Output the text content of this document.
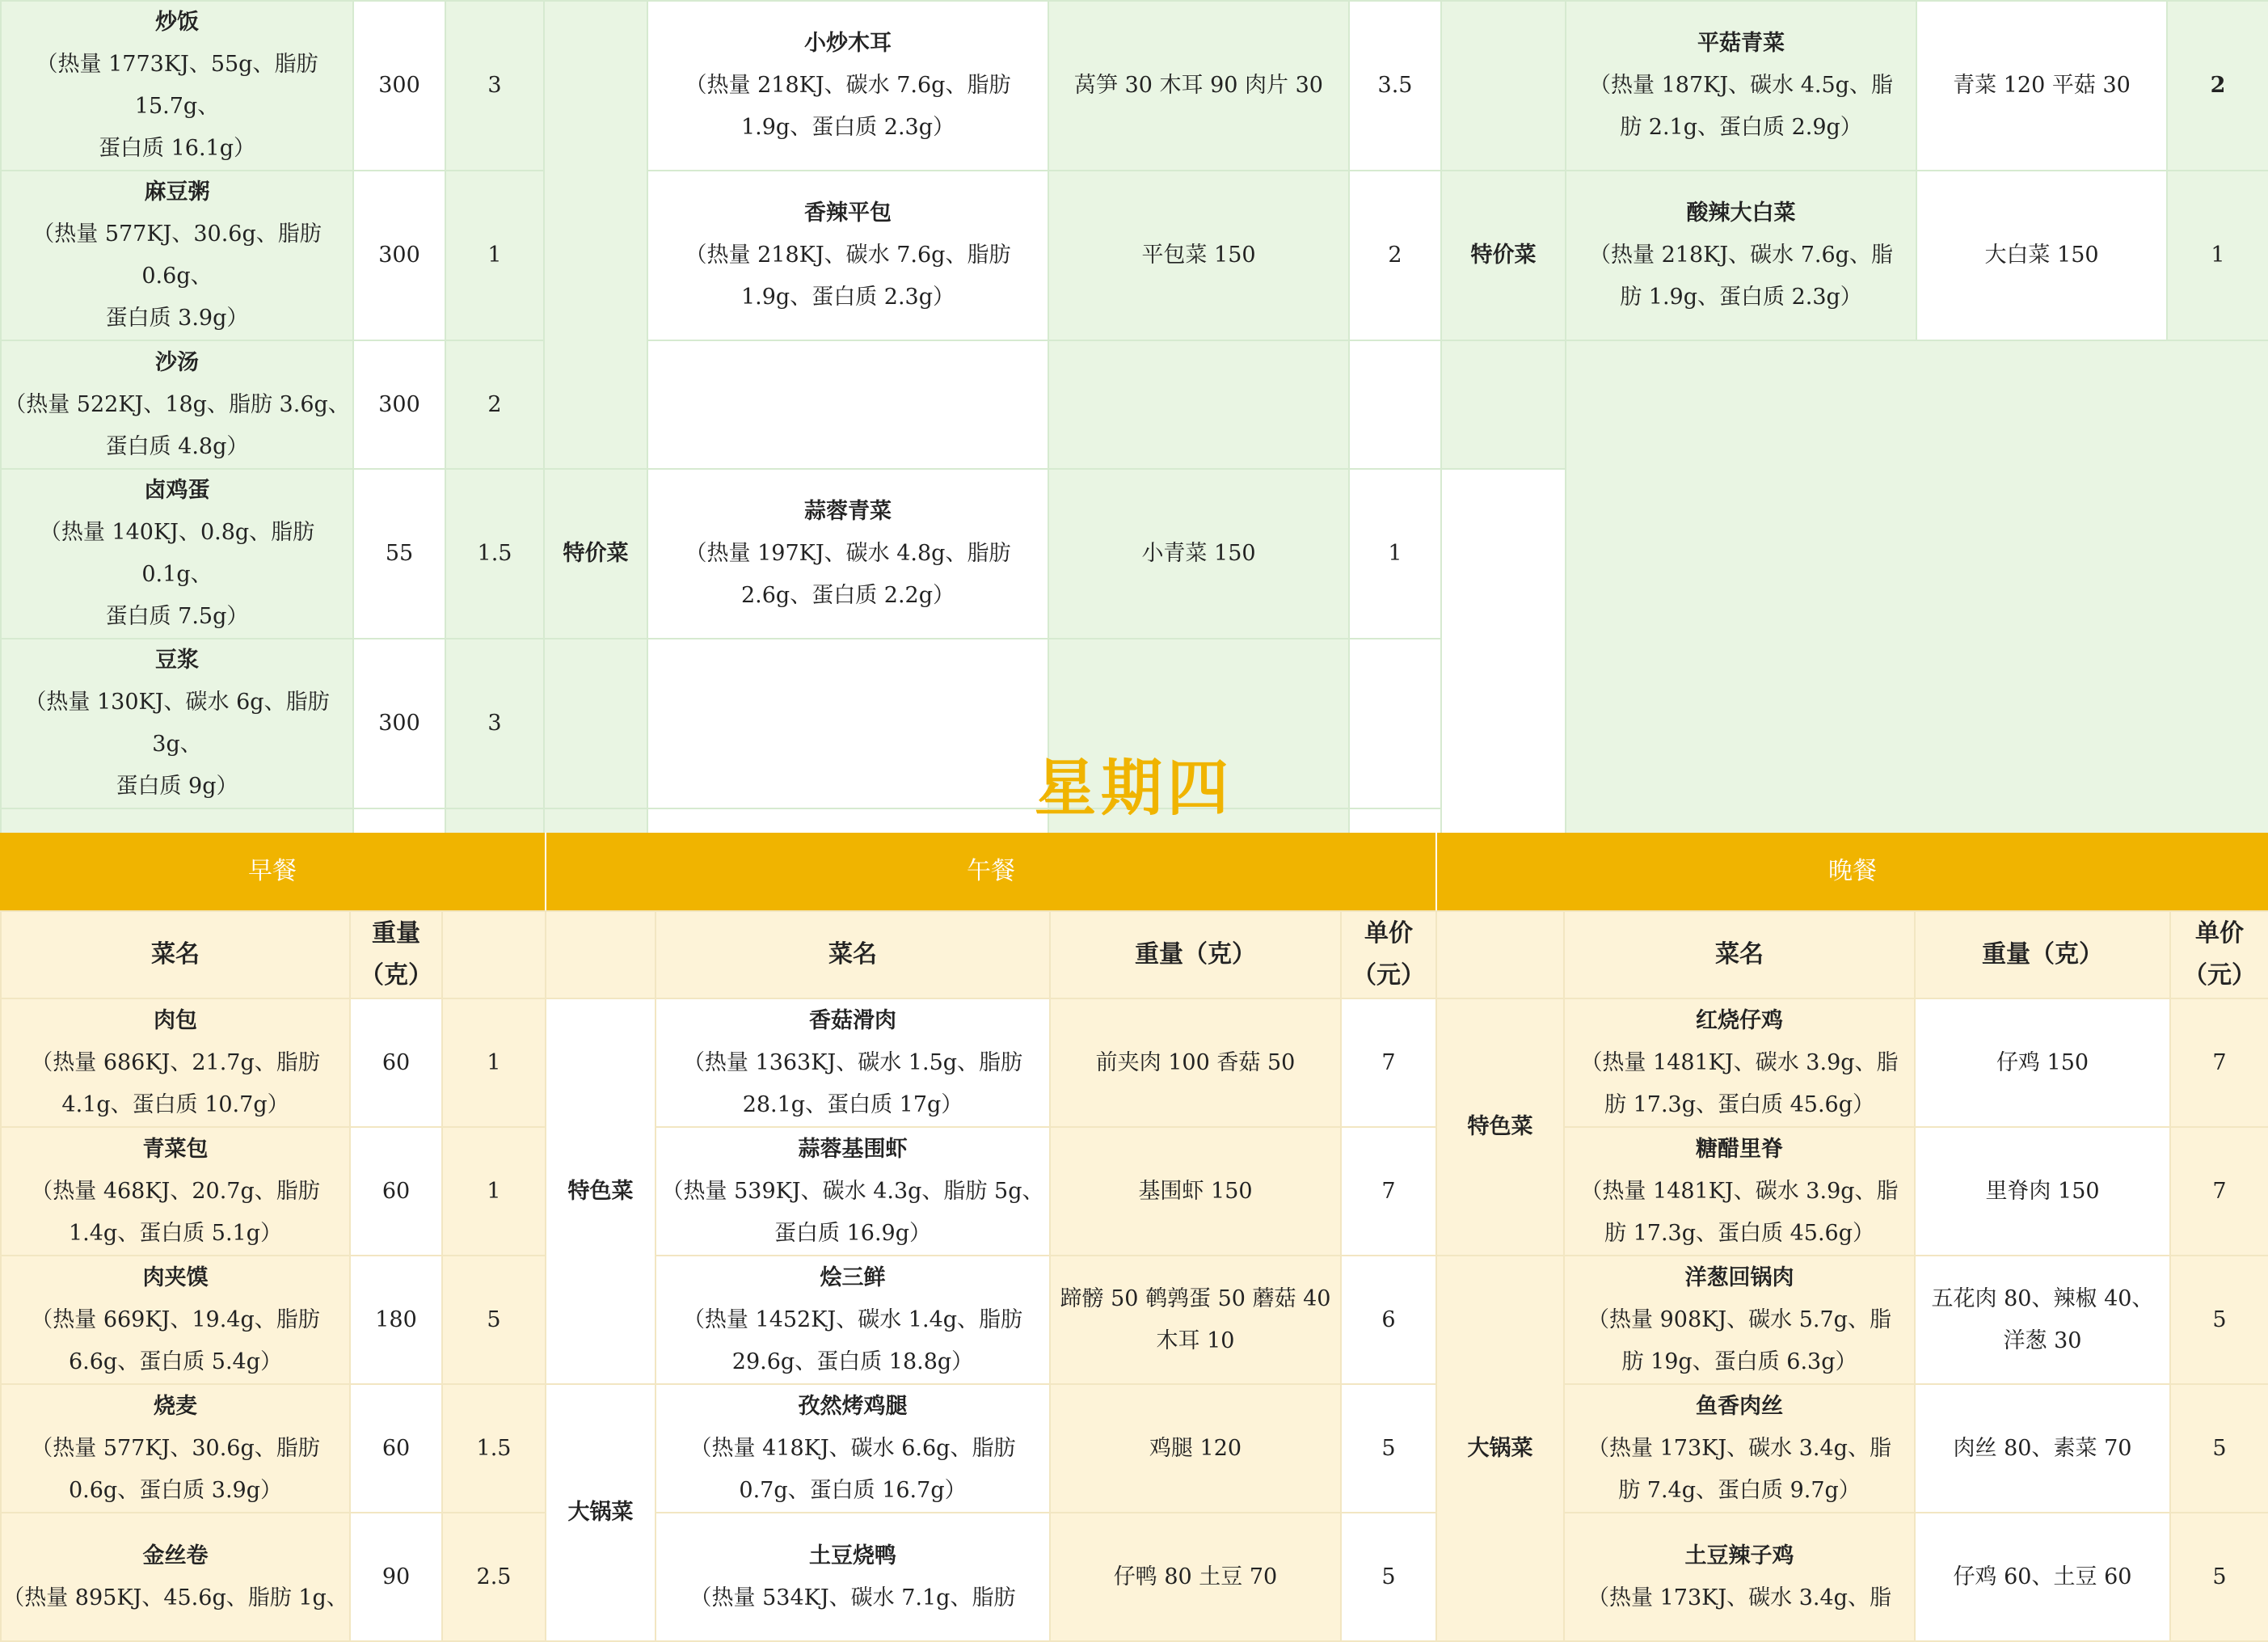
炒饭
（热量 1773KJ、55g、脂肪 15.7g、
蛋白质 16.1g）	300	3		小炒木耳
（热量 218KJ、碳水 7.6g、脂肪
1.9g、蛋白质 2.3g）	莴笋 30 木耳 90 肉片 30	3.5		平菇青菜
（热量 187KJ、碳水 4.5g、脂
肪 2.1g、蛋白质 2.9g）	青菜 120 平菇 30	2

麻豆粥
（热量 577KJ、30.6g、脂肪 0.6g、
蛋白质 3.9g）	300	1		香辣平包
（热量 218KJ、碳水 7.6g、脂肪
1.9g、蛋白质 2.3g）	平包菜 150	2	特价菜	酸辣大白菜
（热量 218KJ、碳水 7.6g、脂
肪 1.9g、蛋白质 2.3g）	大白菜 150	1

沙汤
（热量 522KJ、18g、脂肪 3.6g、
蛋白质 4.8g）	300	2								

卤鸡蛋
（热量 140KJ、0.8g、脂肪 0.1g、
蛋白质 7.5g）	55	1.5	特价菜	蒜蓉青菜
（热量 197KJ、碳水 4.8g、脂肪
2.6g、蛋白质 2.2g）	小青菜 150	1				

豆浆
（热量 130KJ、碳水 6g、脂肪 3g、
蛋白质 9g）	300	3								

星期四
早餐	午餐	晚餐
菜名	重量
（克）			菜名	重量（克）	单价
（元）		菜名	重量（克）	单价
（元）

肉包
（热量 686KJ、21.7g、脂肪
4.1g、蛋白质 10.7g）	60	1	特色菜	香菇滑肉
（热量 1363KJ、碳水 1.5g、脂肪
28.1g、蛋白质 17g）	前夹肉 100 香菇 50	7	特色菜	红烧仔鸡
（热量 1481KJ、碳水 3.9g、脂
肪 17.3g、蛋白质 45.6g）	仔鸡 150	7

青菜包
（热量 468KJ、20.7g、脂肪
1.4g、蛋白质 5.1g）	60	1		蒜蓉基围虾
（热量 539KJ、碳水 4.3g、脂肪 5g、
蛋白质 16.9g）	基围虾 150	7		糖醋里脊
（热量 1481KJ、碳水 3.9g、脂
肪 17.3g、蛋白质 45.6g）	里脊肉 150	7

肉夹馍
（热量 669KJ、19.4g、脂肪
6.6g、蛋白质 5.4g）	180	5		烩三鲜
（热量 1452KJ、碳水 1.4g、脂肪
29.6g、蛋白质 18.8g）	蹄髈 50 鹌鹑蛋 50 蘑菇 40
木耳 10	6	大锅菜	洋葱回锅肉
（热量 908KJ、碳水 5.7g、脂
肪 19g、蛋白质 6.3g）	五花肉 80、辣椒 40、
洋葱 30	5

烧麦
（热量 577KJ、30.6g、脂肪
0.6g、蛋白质 3.9g）	60	1.5	大锅菜	孜然烤鸡腿
（热量 418KJ、碳水 6.6g、脂肪
0.7g、蛋白质 16.7g）	鸡腿 120	5		鱼香肉丝
（热量 173KJ、碳水 3.4g、脂
肪 7.4g、蛋白质 9.7g）	肉丝 80、素菜 70	5

金丝卷
（热量 895KJ、45.6g、脂肪 1g、	90	2.5		土豆烧鸭
（热量 534KJ、碳水 7.1g、脂肪	仔鸭 80 土豆 70	5		土豆辣子鸡
（热量 173KJ、碳水 3.4g、脂	仔鸡 60、土豆 60	5
